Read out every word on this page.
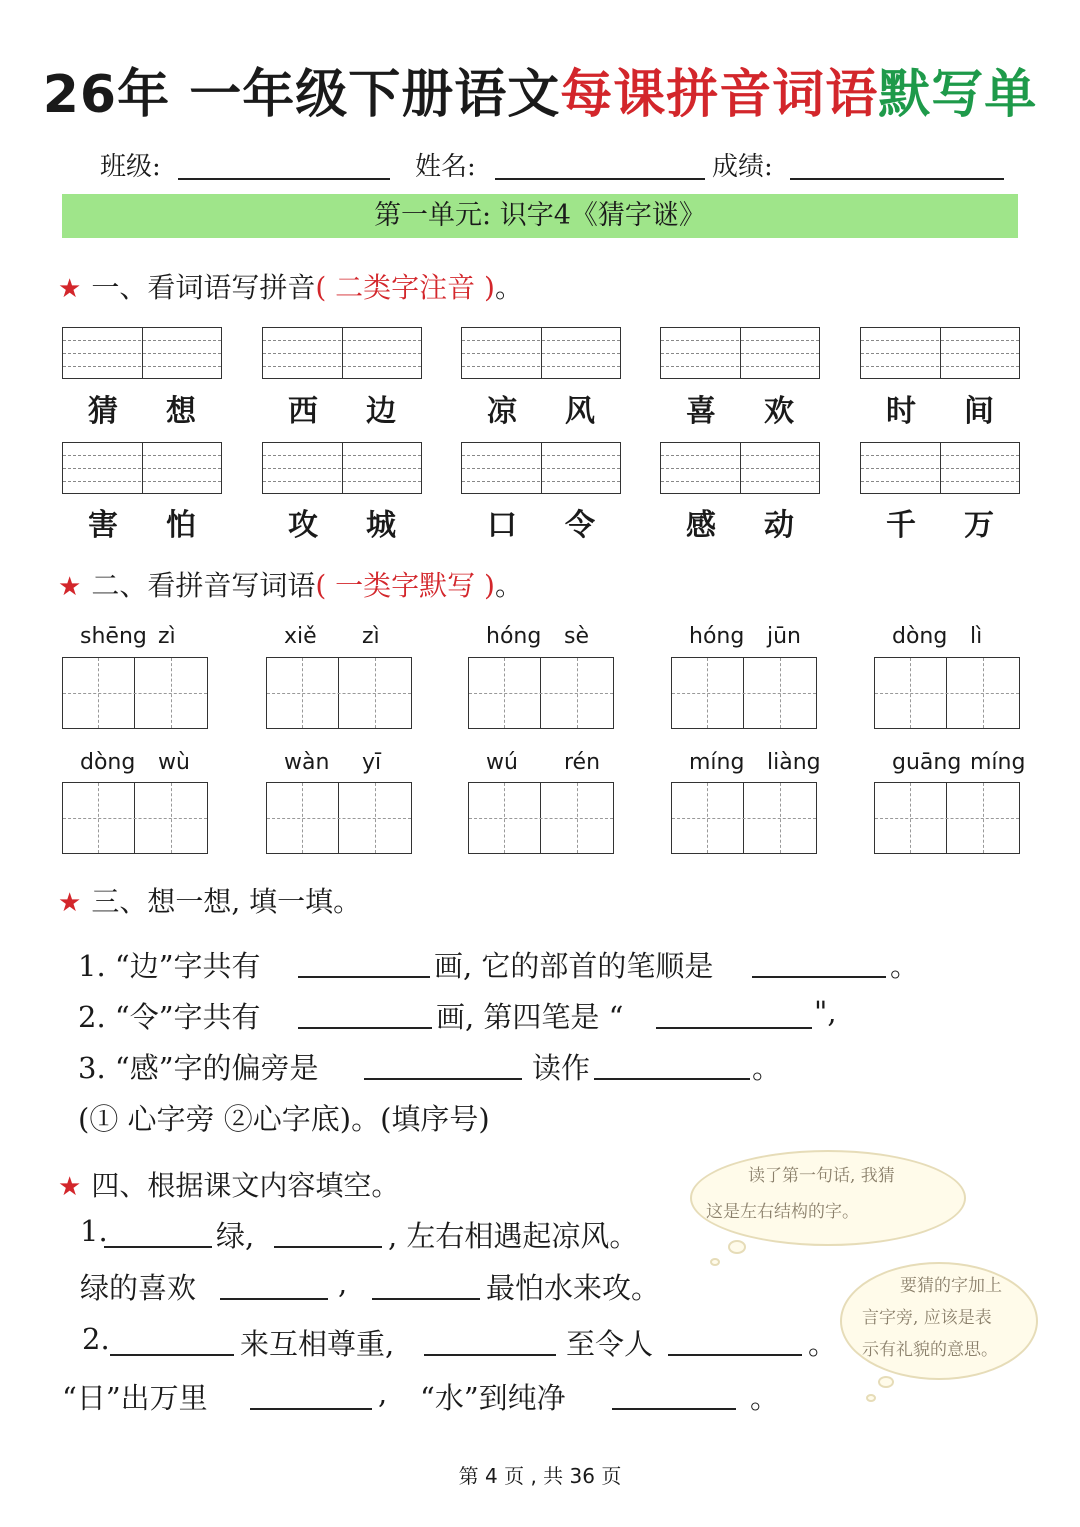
26年 一年级下册语文每课拼音词语默写单
班级:	姓名:	成绩:
第一单元: 识字4《猜字谜》
★ 一、看词语写拼音( 二类字注音 )。
猜 想	西 边	凉 风	喜 欢	时 间
害 怕	攻 城	口 令	感 动	千 万
★ 二、看拼音写词语( 一类字默写 )。
shēng zì	xiě zì	hóng sè	hóng jūn	dòng lì
dòng wù	wàn yī	wú rén	míng liàng	guāng míng
★ 三、想一想, 填一填。
1. “边”字共有	画, 它的部首的笔顺是	。
2. “令”字共有	画, 第四笔是 “	",
3. “感”字的偏旁是	读作	。
(① 心字旁 ②心字底)。(填序号)
★ 四、根据课文内容填空。
1.	绿,	, 左右相遇起凉风。
绿的喜欢	,	最怕水来攻。
2.	来互相尊重,	至令人	。
“日”出万里	, “水”到纯净	。
读了第一句话, 我猜
这是左右结构的字。
要猜的字加上
言字旁, 应该是表
示有礼貌的意思。
第 4 页 , 共 36 页
